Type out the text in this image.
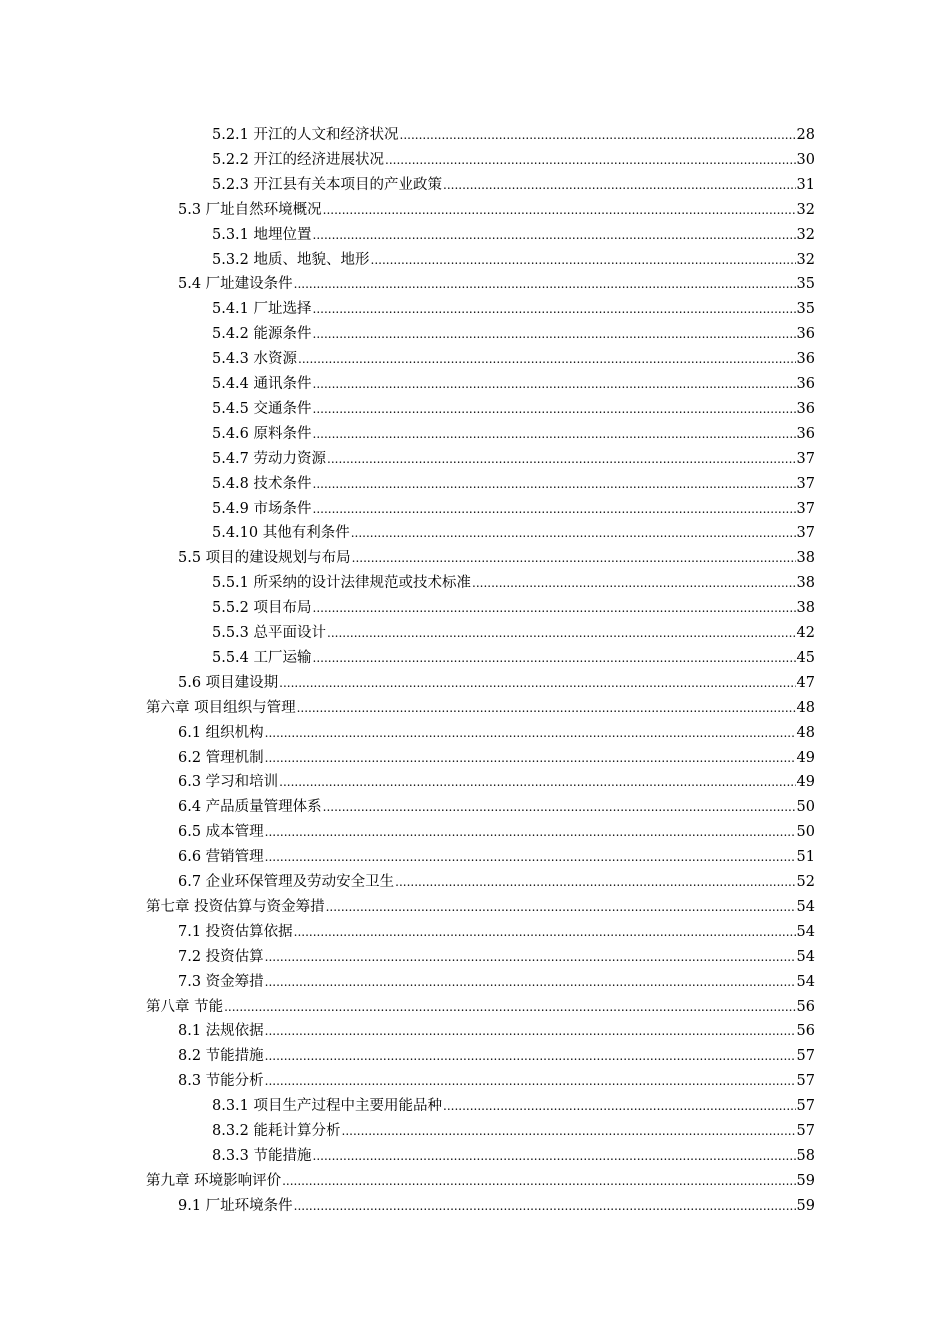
5.2.1 开江的人文和经济状况 .....	28
5.2.2 开江的经济进展状况 .....	30
5.2.3 开江县有关本项目的产业政策 .....	31
5.3 厂址自然环境概况 .....	32
5.3.1 地埋位置 .....	32
5.3.2 地质、地貌、地形 .....	32
5.4 厂址建设条件 .....	35
5.4.1 厂址选择 .....	35
5.4.2 能源条件 .....	36
5.4.3 水资源 .....	36
5.4.4 通讯条件 .....	36
5.4.5 交通条件 .....	36
5.4.6 原料条件 .....	36
5.4.7 劳动力资源 .....	37
5.4.8 技术条件 .....	37
5.4.9 市场条件 .....	37
5.4.10 其他有利条件 .....	37
5.5 项目的建设规划与布局 .....	38
5.5.1 所采纳的设计法律规范或技术标准 .....	38
5.5.2 项目布局 .....	38
5.5.3 总平面设计 .....	42
5.5.4 工厂运输 .....	45
5.6 项目建设期 .....	47
第六章 项目组织与管理 .....	48
6.1 组织机构 .....	48
6.2 管理机制 .....	49
6.3 学习和培训 .....	49
6.4 产品质量管理体系 .....	50
6.5 成本管理 .....	50
6.6 营销管理 .....	51
6.7 企业环保管理及劳动安全卫生 .....	52
第七章 投资估算与资金筹措 .....	54
7.1 投资估算依据 .....	54
7.2 投资估算 .....	54
7.3 资金筹措 .....	54
第八章 节能 .....	56
8.1 法规依据 .....	56
8.2 节能措施 .....	57
8.3 节能分析 .....	57
8.3.1 项目生产过程中主要用能品种 .....	57
8.3.2 能耗计算分析 .....	57
8.3.3 节能措施 .....	58
第九章 环境影响评价 .....	59
9.1 厂址环境条件 .....	59
